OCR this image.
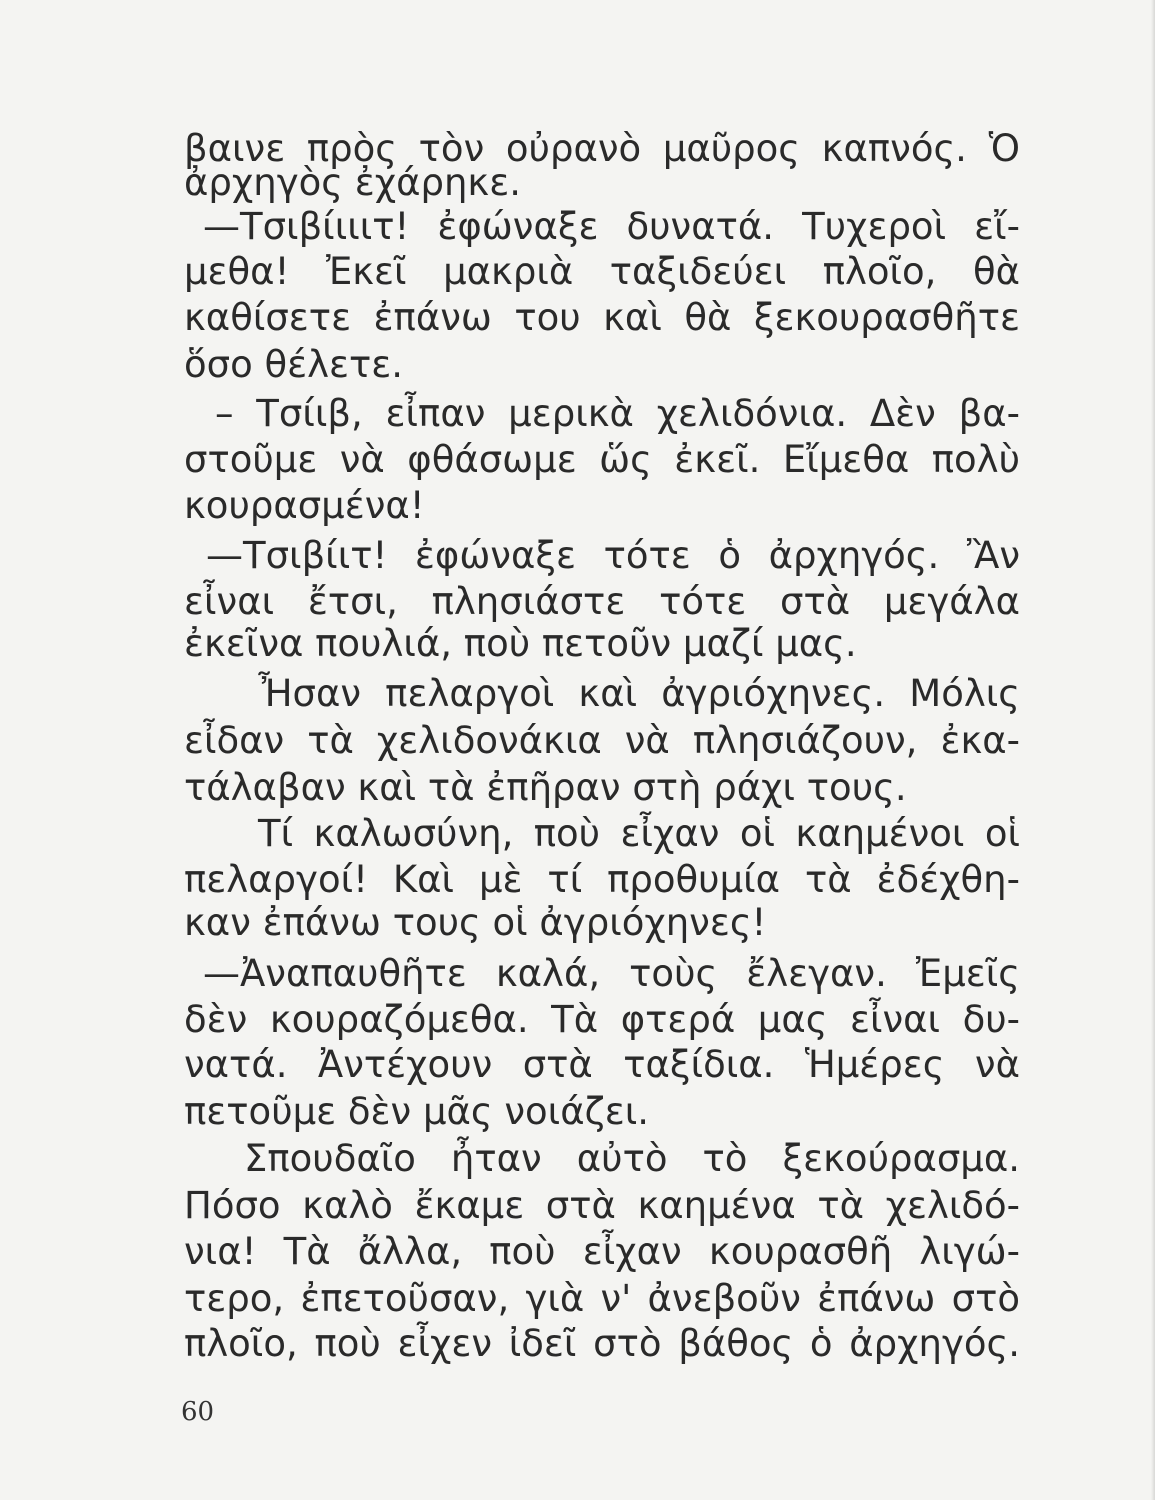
βαινε πρὸς τὸν οὐρανὸ μαῦρος καπνός. Ὁ
ἀρχηγὸς ἐχάρηκε.
—Τσιβίιιιτ! ἐφώναξε δυνατά. Τυχεροὶ εἴ-
μεθα! Ἐκεῖ μακριὰ ταξιδεύει πλοῖο, θὰ
καθίσετε ἐπάνω του καὶ θὰ ξεκουρασθῆτε
ὅσο θέλετε.
– Τσίιβ, εἶπαν μερικὰ χελιδόνια. Δὲν βα-
στοῦμε νὰ φθάσωμε ὥς ἐκεῖ. Εἴμεθα πολὺ
κουρασμένα!
—Τσιβίιτ! ἐφώναξε τότε ὁ ἀρχηγός. Ἂν
εἶναι ἔτσι, πλησιάστε τότε στὰ μεγάλα
ἐκεῖνα πουλιά, ποὺ πετοῦν μαζί μας.
Ἦσαν πελαργοὶ καὶ ἀγριόχηνες. Μόλις
εἶδαν τὰ χελιδονάκια νὰ πλησιάζουν, ἐκα-
τάλαβαν καὶ τὰ ἐπῆραν στὴ ράχι τους.
Τί καλωσύνη, ποὺ εἶχαν οἱ καημένοι οἱ
πελαργοί! Καὶ μὲ τί προθυμία τὰ ἐδέχθη-
καν ἐπάνω τους οἱ ἀγριόχηνες!
—Ἀναπαυθῆτε καλά, τοὺς ἔλεγαν. Ἐμεῖς
δὲν κουραζόμεθα. Τὰ φτερά μας εἶναι δυ-
νατά. Ἀντέχουν στὰ ταξίδια. Ἡμέρες νὰ
πετοῦμε δὲν μᾶς νοιάζει.
Σπουδαῖο ἦταν αὐτὸ τὸ ξεκούρασμα.
Πόσο καλὸ ἔκαμε στὰ καημένα τὰ χελιδό-
νια! Τὰ ἄλλα, ποὺ εἶχαν κουρασθῆ λιγώ-
τερο, ἐπετοῦσαν, γιὰ ν' ἀνεβοῦν ἐπάνω στὸ
πλοῖο, ποὺ εἶχεν ἰδεῖ στὸ βάθος ὁ ἀρχηγός.
60
